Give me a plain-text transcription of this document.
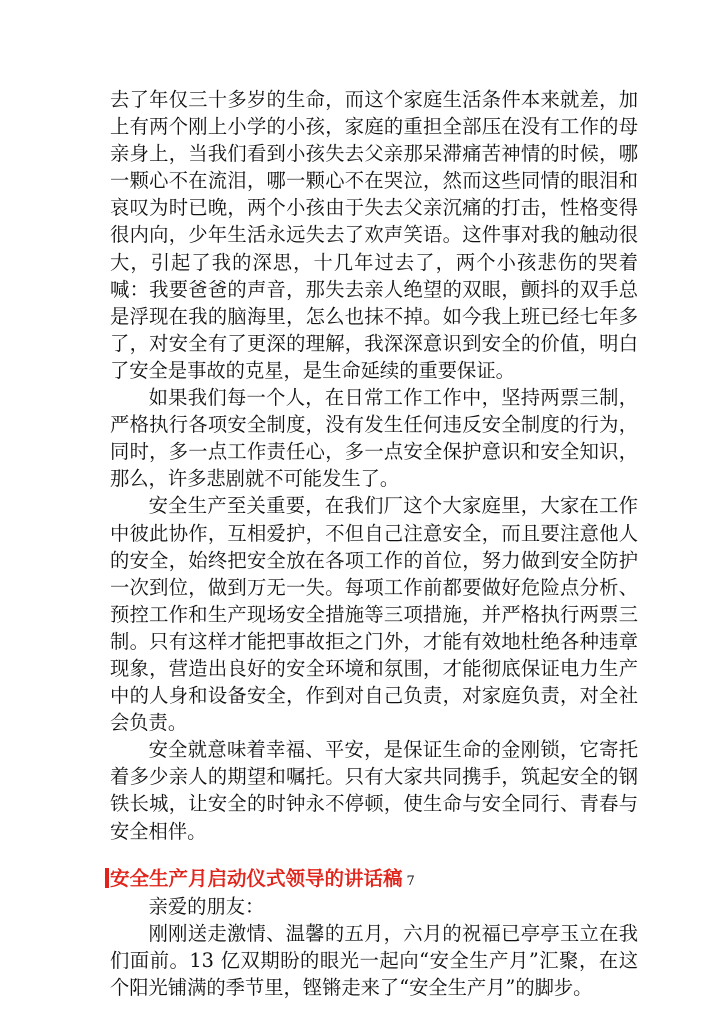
去了年仅三十多岁的生命，而这个家庭生活条件本来就差，加上有两个刚上小学的小孩，家庭的重担全部压在没有工作的母亲身上，当我们看到小孩失去父亲那呆滞痛苦神情的时候，哪一颗心不在流泪，哪一颗心不在哭泣，然而这些同情的眼泪和哀叹为时已晚，两个小孩由于失去父亲沉痛的打击，性格变得很内向，少年生活永远失去了欢声笑语。这件事对我的触动很大，引起了我的深思，十几年过去了，两个小孩悲伤的哭着喊：我要爸爸的声音，那失去亲人绝望的双眼，颤抖的双手总是浮现在我的脑海里，怎么也抹不掉。如今我上班已经七年多了，对安全有了更深的理解，我深深意识到安全的价值，明白了安全是事故的克星，是生命延续的重要保证。

如果我们每一个人，在日常工作工作中，坚持两票三制，严格执行各项安全制度，没有发生任何违反安全制度的行为，同时，多一点工作责任心，多一点安全保护意识和安全知识，那么，许多悲剧就不可能发生了。

安全生产至关重要，在我们厂这个大家庭里，大家在工作中彼此协作，互相爱护，不但自己注意安全，而且要注意他人的安全，始终把安全放在各项工作的首位，努力做到安全防护一次到位，做到万无一失。每项工作前都要做好危险点分析、预控工作和生产现场安全措施等三项措施，并严格执行两票三制。只有这样才能把事故拒之门外，才能有效地杜绝各种违章现象，营造出良好的安全环境和氛围，才能彻底保证电力生产中的人身和设备安全，作到对自己负责，对家庭负责，对全社会负责。

安全就意味着幸福、平安，是保证生命的金刚锁，它寄托着多少亲人的期望和嘱托。只有大家共同携手，筑起安全的钢铁长城，让安全的时钟永不停顿，使生命与安全同行、青春与安全相伴。

安全生产月启动仪式领导的讲话稿 7

亲爱的朋友：

刚刚送走激情、温馨的五月，六月的祝福已亭亭玉立在我们面前。13 亿双期盼的眼光一起向“安全生产月”汇聚，在这个阳光铺满的季节里，铿锵走来了“安全生产月”的脚步。
